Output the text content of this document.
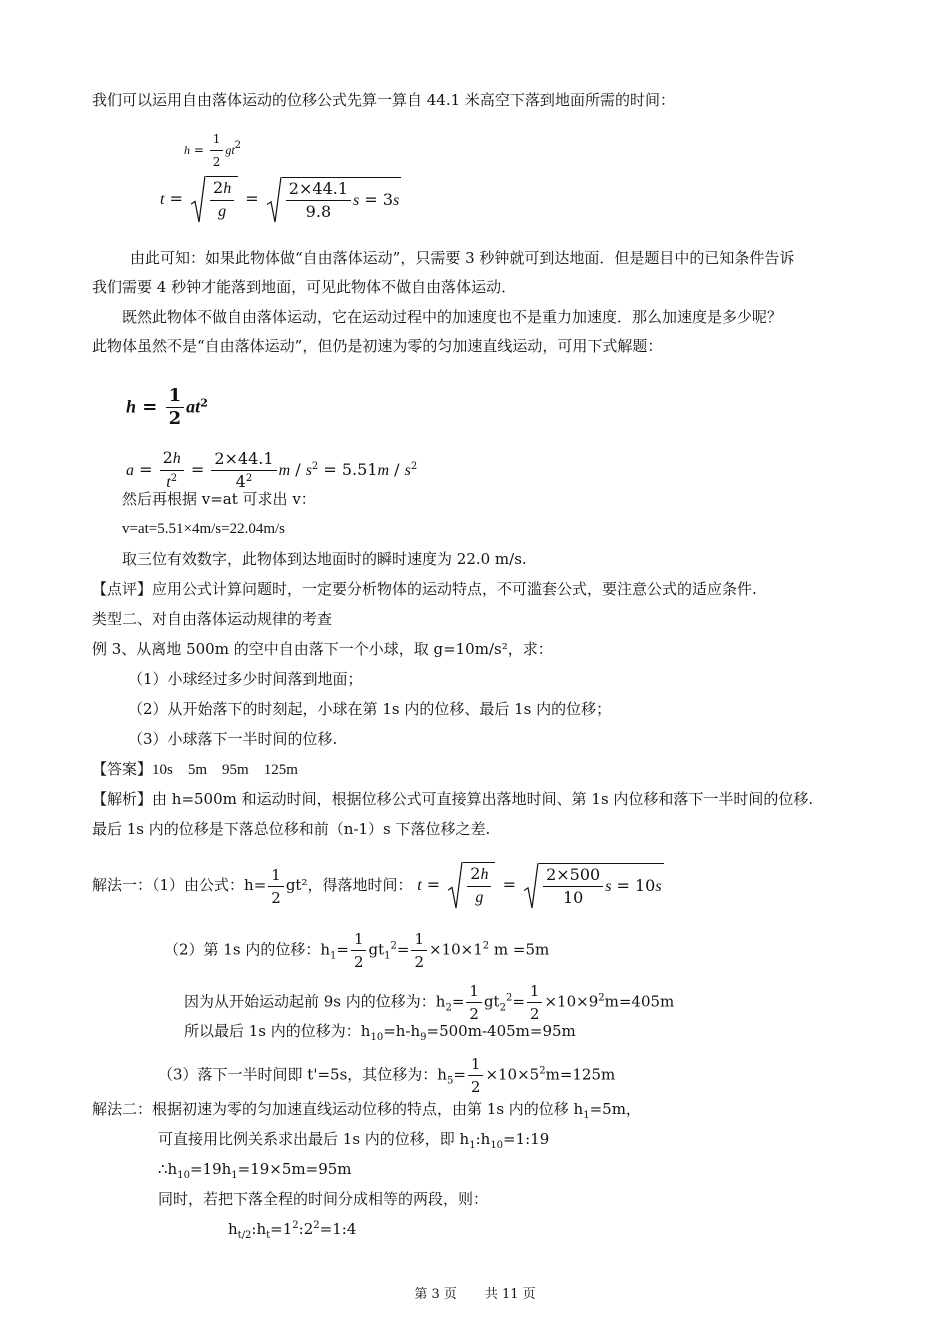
我们可以运用自由落体运动的位移公式先算一算自 44.1 米高空下落到地面所需的时间：
$h = \frac{1}{2} gt^2$
$t = \frac{2h}{g} = \frac{2\times 44.1}{9.8}$ s = 3s
由此可知：如果此物体做“自由落体运动”，只需要 3 秒钟就可到达地面．但是题目中的已知条件告诉
我们需要 4 秒钟才能落到地面，可见此物体不做自由落体运动．
既然此物体不做自由落体运动，它在运动过程中的加速度也不是重力加速度．那么加速度是多少呢？
此物体虽然不是“自由落体运动”，但仍是初速为零的匀加速直线运动，可用下式解题：
$h = \frac{1}{2} at^2$
$a = \frac{2h}{t^2} = \frac{2\times 44.1}{4^2}$ $m / s^2 = 5.51m / s^2$
然后再根据 v=at 可求出 v：
v=at=5.51×4m/s=22.04m/s
取三位有效数字，此物体到达地面时的瞬时速度为 22.0 m/s.
【点评】应用公式计算问题时，一定要分析物体的运动特点，不可滥套公式，要注意公式的适应条件.
类型二、对自由落体运动规律的考查
例 3、从离地 500m 的空中自由落下一个小球，取 g=10m/s²，求：
（1）小球经过多少时间落到地面；
（2）从开始落下的时刻起，小球在第 1s 内的位移、最后 1s 内的位移；
（3）小球落下一半时间的位移.
【答案】10s　5m　95m　125m
【解析】由 h=500m 和运动时间，根据位移公式可直接算出落地时间、第 1s 内位移和落下一半时间的位移.
最后 1s 内的位移是下落总位移和前（n-1）s 下落位移之差.
解法一：（1）由公式：$h= \frac{1}{2} gt^2$，得落地时间： $t = \frac{2h}{g} = \frac{2\times 500}{10}$ s = 10s
（2）第 1s 内的位移：$h_1= \frac{1}{2} gt_1^2= \frac{1}{2} \times 10\times 1^2$ m =5m
因为从开始运动起前 9s 内的位移为：$h_2= \frac{1}{2} gt_2^2= \frac{1}{2} \times 10\times 9^2m=405m$
所以最后 1s 内的位移为：$h_{10}=h-h_9=500m-405m=95m$
（3）落下一半时间即 t'=5s，其位移为：$h_5= \frac{1}{2} \times 10\times 5^2m=125m$
解法二：根据初速为零的匀加速直线运动位移的特点，由第 1s 内的位移 $h_1=5m$，
可直接用比例关系求出最后 1s 内的位移，即 $h_1:h_{10}=1:19$
$\therefore h_{10}=19h_1=19\times 5m=95m$
同时，若把下落全程的时间分成相等的两段，则：
$h_{t/2}:h_t=1^2:2^2=1:4$
第 3 页 共 11 页
